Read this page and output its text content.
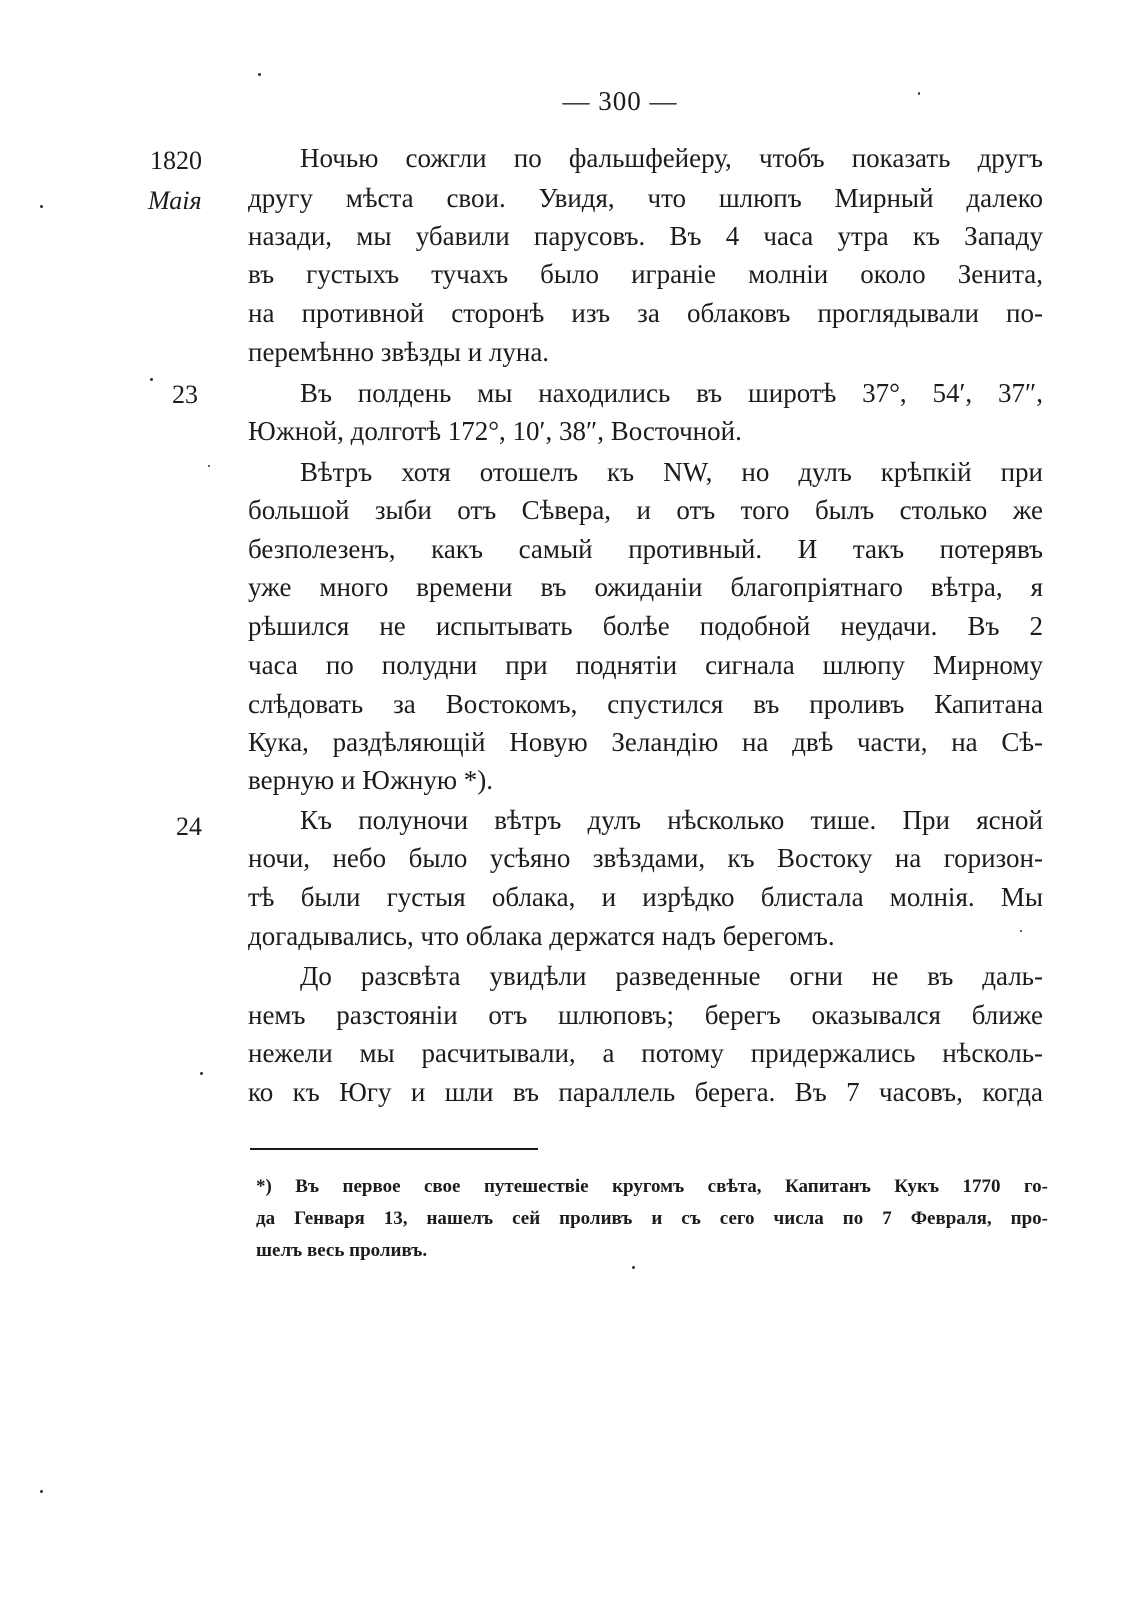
— 300 —
1820
Маія
23
24
Ночью сожгли по фальшфейеру, чтобъ показать другъ
другу мѣста свои. Увидя, что шлюпъ Мирный далеко
назади, мы убавили парусовъ. Въ 4 часа утра къ Западу
въ густыхъ тучахъ было играніе молніи около Зенита,
на противной сторонѣ изъ за облаковъ проглядывали по-
перемѣнно звѣзды и луна.
Въ полдень мы находились въ широтѣ 37°, 54′, 37″,
Южной, долготѣ 172°, 10′, 38″, Восточной.
Вѣтръ хотя отошелъ къ NW, но дулъ крѣпкій при
большой зыби отъ Сѣвера, и отъ того былъ столько же
безполезенъ, какъ самый противный. И такъ потерявъ
уже много времени въ ожиданіи благопріятнаго вѣтра, я
рѣшился не испытывать болѣе подобной неудачи. Въ 2
часа по полудни при поднятіи сигнала шлюпу Мирному
слѣдовать за Востокомъ, спустился въ проливъ Капитана
Кука, раздѣляющій Новую Зеландію на двѣ части, на Сѣ-
верную и Южную *).
Къ полуночи вѣтръ дулъ нѣсколько тише. При ясной
ночи, небо было усѣяно звѣздами, къ Востоку на горизон-
тѣ были густыя облака, и изрѣдко блистала молнія. Мы
догадывались, что облака держатся надъ берегомъ.
До разсвѣта увидѣли разведенные огни не въ даль-
немъ разстояніи отъ шлюповъ; берегъ оказывался ближе
нежели мы расчитывали, а потому придержались нѣсколь-
ко къ Югу и шли въ параллель берега. Въ 7 часовъ, когда
*) Въ первое свое путешествіе кругомъ свѣта, Капитанъ Кукъ 1770 го-
да Генваря 13, нашелъ сей проливъ и съ сего числа по 7 Февраля, про-
шелъ весь проливъ.
